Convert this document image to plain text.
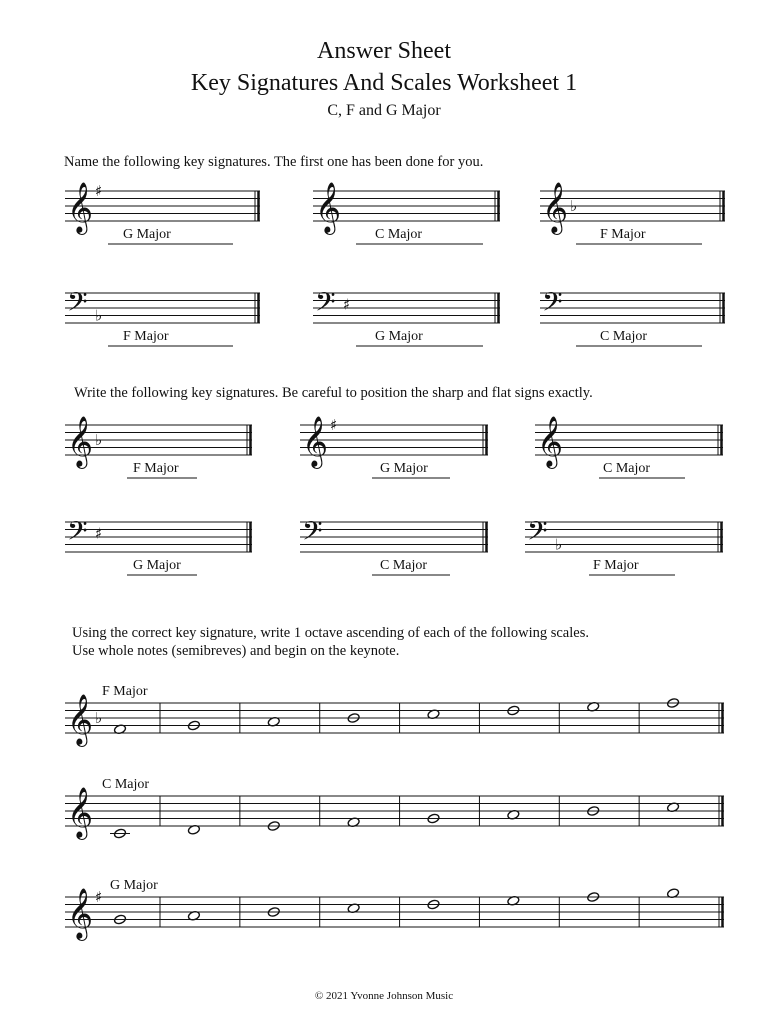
Answer Sheet
Key Signatures And Scales Worksheet 1
C, F and G Major
Name the following key signatures. The first one has been done for you.
Write the following key signatures. Be careful to position the sharp and flat signs exactly.
Using the correct key signature, write 1 octave ascending of each of the following scales.
Use whole notes (semibreves) and begin on the keynote.
𝄞 ♯
G Major
𝄞
C Major
𝄞 ♭
F Major
𝄢 ♭
F Major
𝄢 ♯
G Major
𝄢
C Major
𝄞 ♭
F Major
𝄞 ♯
G Major
𝄞
C Major
𝄢 ♯
G Major
𝄢
C Major
𝄢 ♭
F Major
F Major
𝄞 ♭
C Major
𝄞
G Major
𝄞 ♯
© 2021 Yvonne Johnson Music
